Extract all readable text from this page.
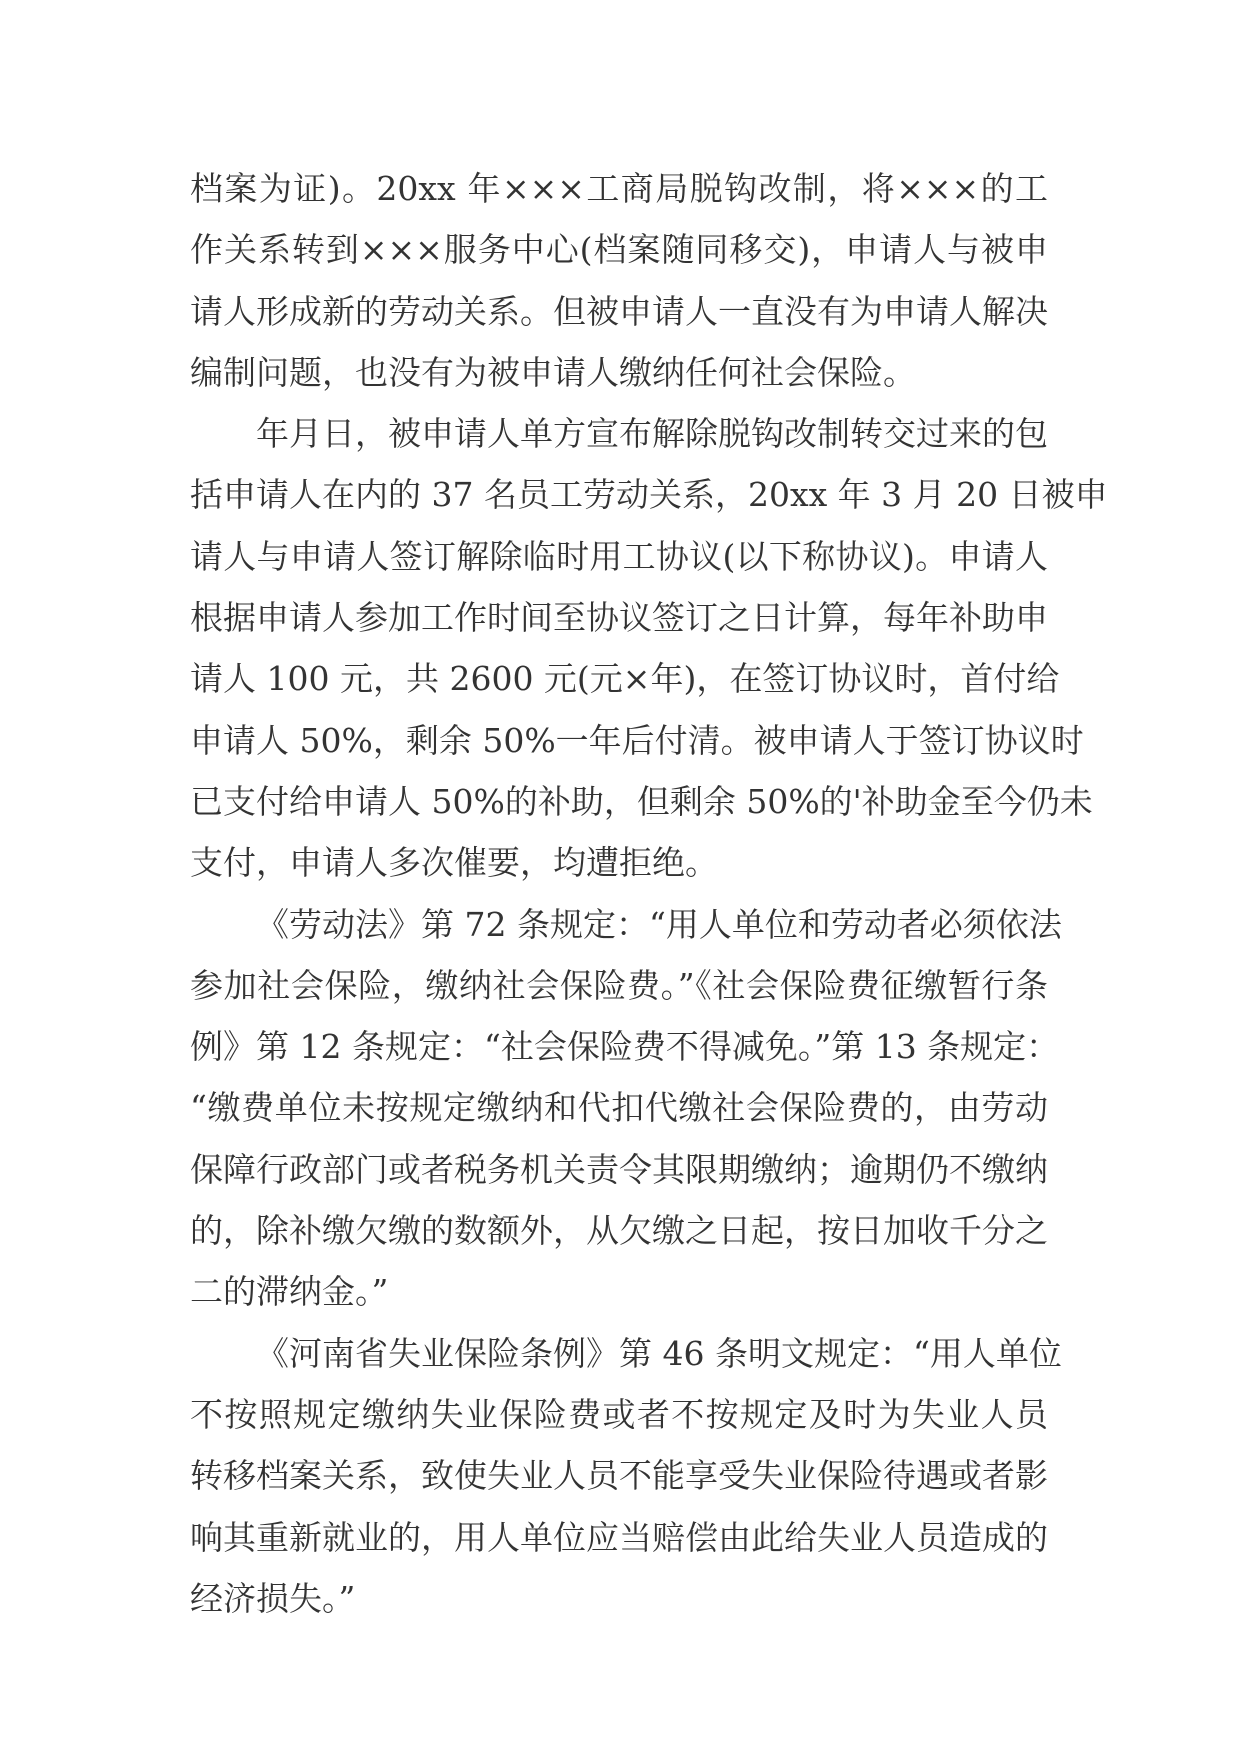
档案为证)。20xx 年×××工商局脱钩改制，将×××的工
作关系转到×××服务中心(档案随同移交)，申请人与被申
请人形成新的劳动关系。但被申请人一直没有为申请人解决
编制问题，也没有为被申请人缴纳任何社会保险。
年月日，被申请人单方宣布解除脱钩改制转交过来的包
括申请人在内的 37 名员工劳动关系，20xx 年 3 月 20 日被申
请人与申请人签订解除临时用工协议(以下称协议)。申请人
根据申请人参加工作时间至协议签订之日计算，每年补助申
请人 100 元，共 2600 元(元×年)，在签订协议时，首付给
申请人 50%，剩余 50%一年后付清。被申请人于签订协议时
已支付给申请人 50%的补助，但剩余 50%的'补助金至今仍未
支付，申请人多次催要，均遭拒绝。
《劳动法》第 72 条规定：“用人单位和劳动者必须依法
参加社会保险，缴纳社会保险费。”《社会保险费征缴暂行条
例》第 12 条规定：“社会保险费不得减免。”第 13 条规定：
“缴费单位未按规定缴纳和代扣代缴社会保险费的，由劳动
保障行政部门或者税务机关责令其限期缴纳；逾期仍不缴纳
的，除补缴欠缴的数额外，从欠缴之日起，按日加收千分之
二的滞纳金。”
《河南省失业保险条例》第 46 条明文规定：“用人单位
不按照规定缴纳失业保险费或者不按规定及时为失业人员
转移档案关系，致使失业人员不能享受失业保险待遇或者影
响其重新就业的，用人单位应当赔偿由此给失业人员造成的
经济损失。”
